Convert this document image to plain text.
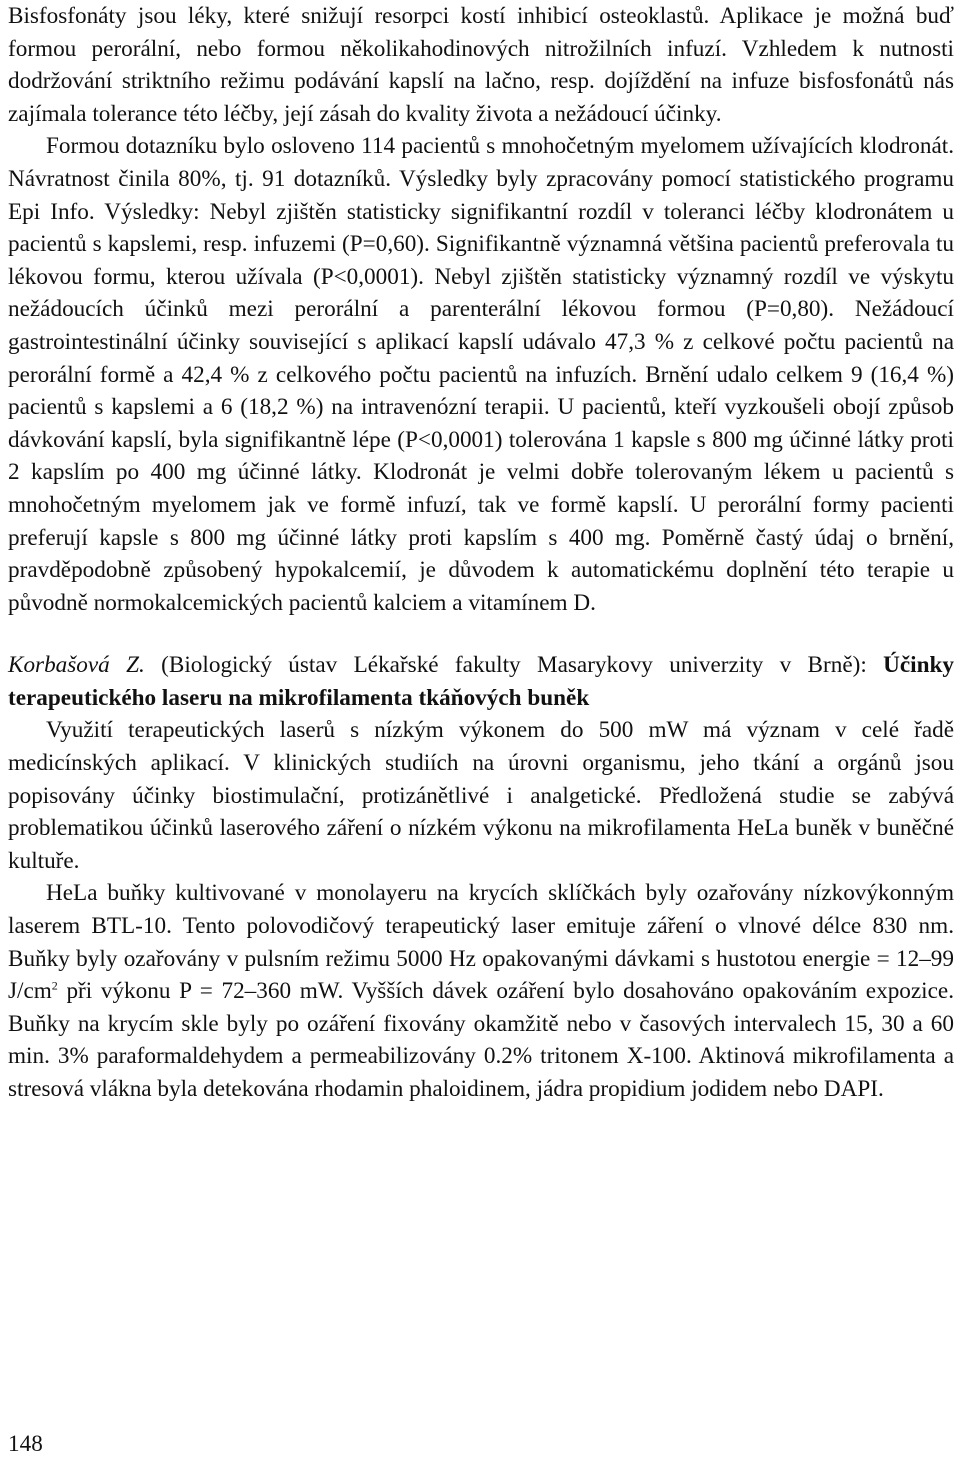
Bisfosfonáty jsou léky, které snižují resorpci kostí inhibicí osteoklastů. Aplikace je možná buď formou perorální, nebo formou několikahodinových nitrožilních infuzí. Vzhledem k nutnosti dodržování striktního režimu podávání kapslí na lačno, resp. dojíždění na infuze bisfosfonátů nás zajímala tolerance této léčby, její zásah do kvality života a nežádoucí účinky.

Formou dotazníku bylo osloveno 114 pacientů s mnohočetným myelomem užívajících klodronát. Návratnost činila 80%, tj. 91 dotazníků. Výsledky byly zpracovány pomocí statistického programu Epi Info. Výsledky: Nebyl zjištěn statisticky signifikantní rozdíl v toleranci léčby klodronátem u pacientů s kapslemi, resp. infuzemi (P=0,60). Signifikantně významná většina pacientů preferovala tu lékovou formu, kterou užívala (P<0,0001). Nebyl zjištěn statisticky významný rozdíl ve výskytu nežádoucích účinků mezi perorální a parenterální lékovou formou (P=0,80). Nežádoucí gastrointestinální účinky související s aplikací kapslí udávalo 47,3 % z celkové počtu pacientů na perorální formě a 42,4 % z celkového počtu pacientů na infuzích. Brnění udalo celkem 9 (16,4 %) pacientů s kapslemi a 6 (18,2 %) na intravenózní terapii. U pacientů, kteří vyzkoušeli obojí způsob dávkování kapslí, byla signifikantně lépe (P<0,0001) tolerována 1 kapsle s 800 mg účinné látky proti 2 kapslím po 400 mg účinné látky. Klodronát je velmi dobře tolerovaným lékem u pacientů s mnohočetným myelomem jak ve formě infuzí, tak ve formě kapslí. U perorální formy pacienti preferují kapsle s 800 mg účinné látky proti kapslím s 400 mg. Poměrně častý údaj o brnění, pravděpodobně způsobený hypokalcemií, je důvodem k automatickému doplnění této terapie u původně normokalcemických pacientů kalciem a vitamínem D.

Korbašová Z. (Biologický ústav Lékařské fakulty Masarykovy univerzity v Brně): Účinky terapeutického laseru na mikrofilamenta tkáňových buněk

Využití terapeutických laserů s nízkým výkonem do 500 mW má význam v celé řadě medicínských aplikací. V klinických studiích na úrovni organismu, jeho tkání a orgánů jsou popisovány účinky biostimulační, protizánětlivé i analgetické. Předložená studie se zabývá problematikou účinků laserového záření o nízkém výkonu na mikrofilamenta HeLa buněk v buněčné kultuře.

HeLa buňky kultivované v monolayeru na krycích sklíčkách byly ozařovány nízkovýkonným laserem BTL-10. Tento polovodičový terapeutický laser emituje záření o vlnové délce 830 nm. Buňky byly ozařovány v pulsním režimu 5000 Hz opakovanými dávkami s hustotou energie = 12–99 $J/cm^2$ při výkonu P = 72–360 mW. Vyšších dávek ozáření bylo dosahováno opakováním expozice. Buňky na krycím skle byly po ozáření fixovány okamžitě nebo v časových intervalech 15, 30 a 60 min. 3% paraformaldehydem a permeabilizovány 0.2% tritonem X-100. Aktinová mikrofilamenta a stresová vlákna byla detekována rhodamin phaloidinem, jádra propidium jodidem nebo DAPI.

148
